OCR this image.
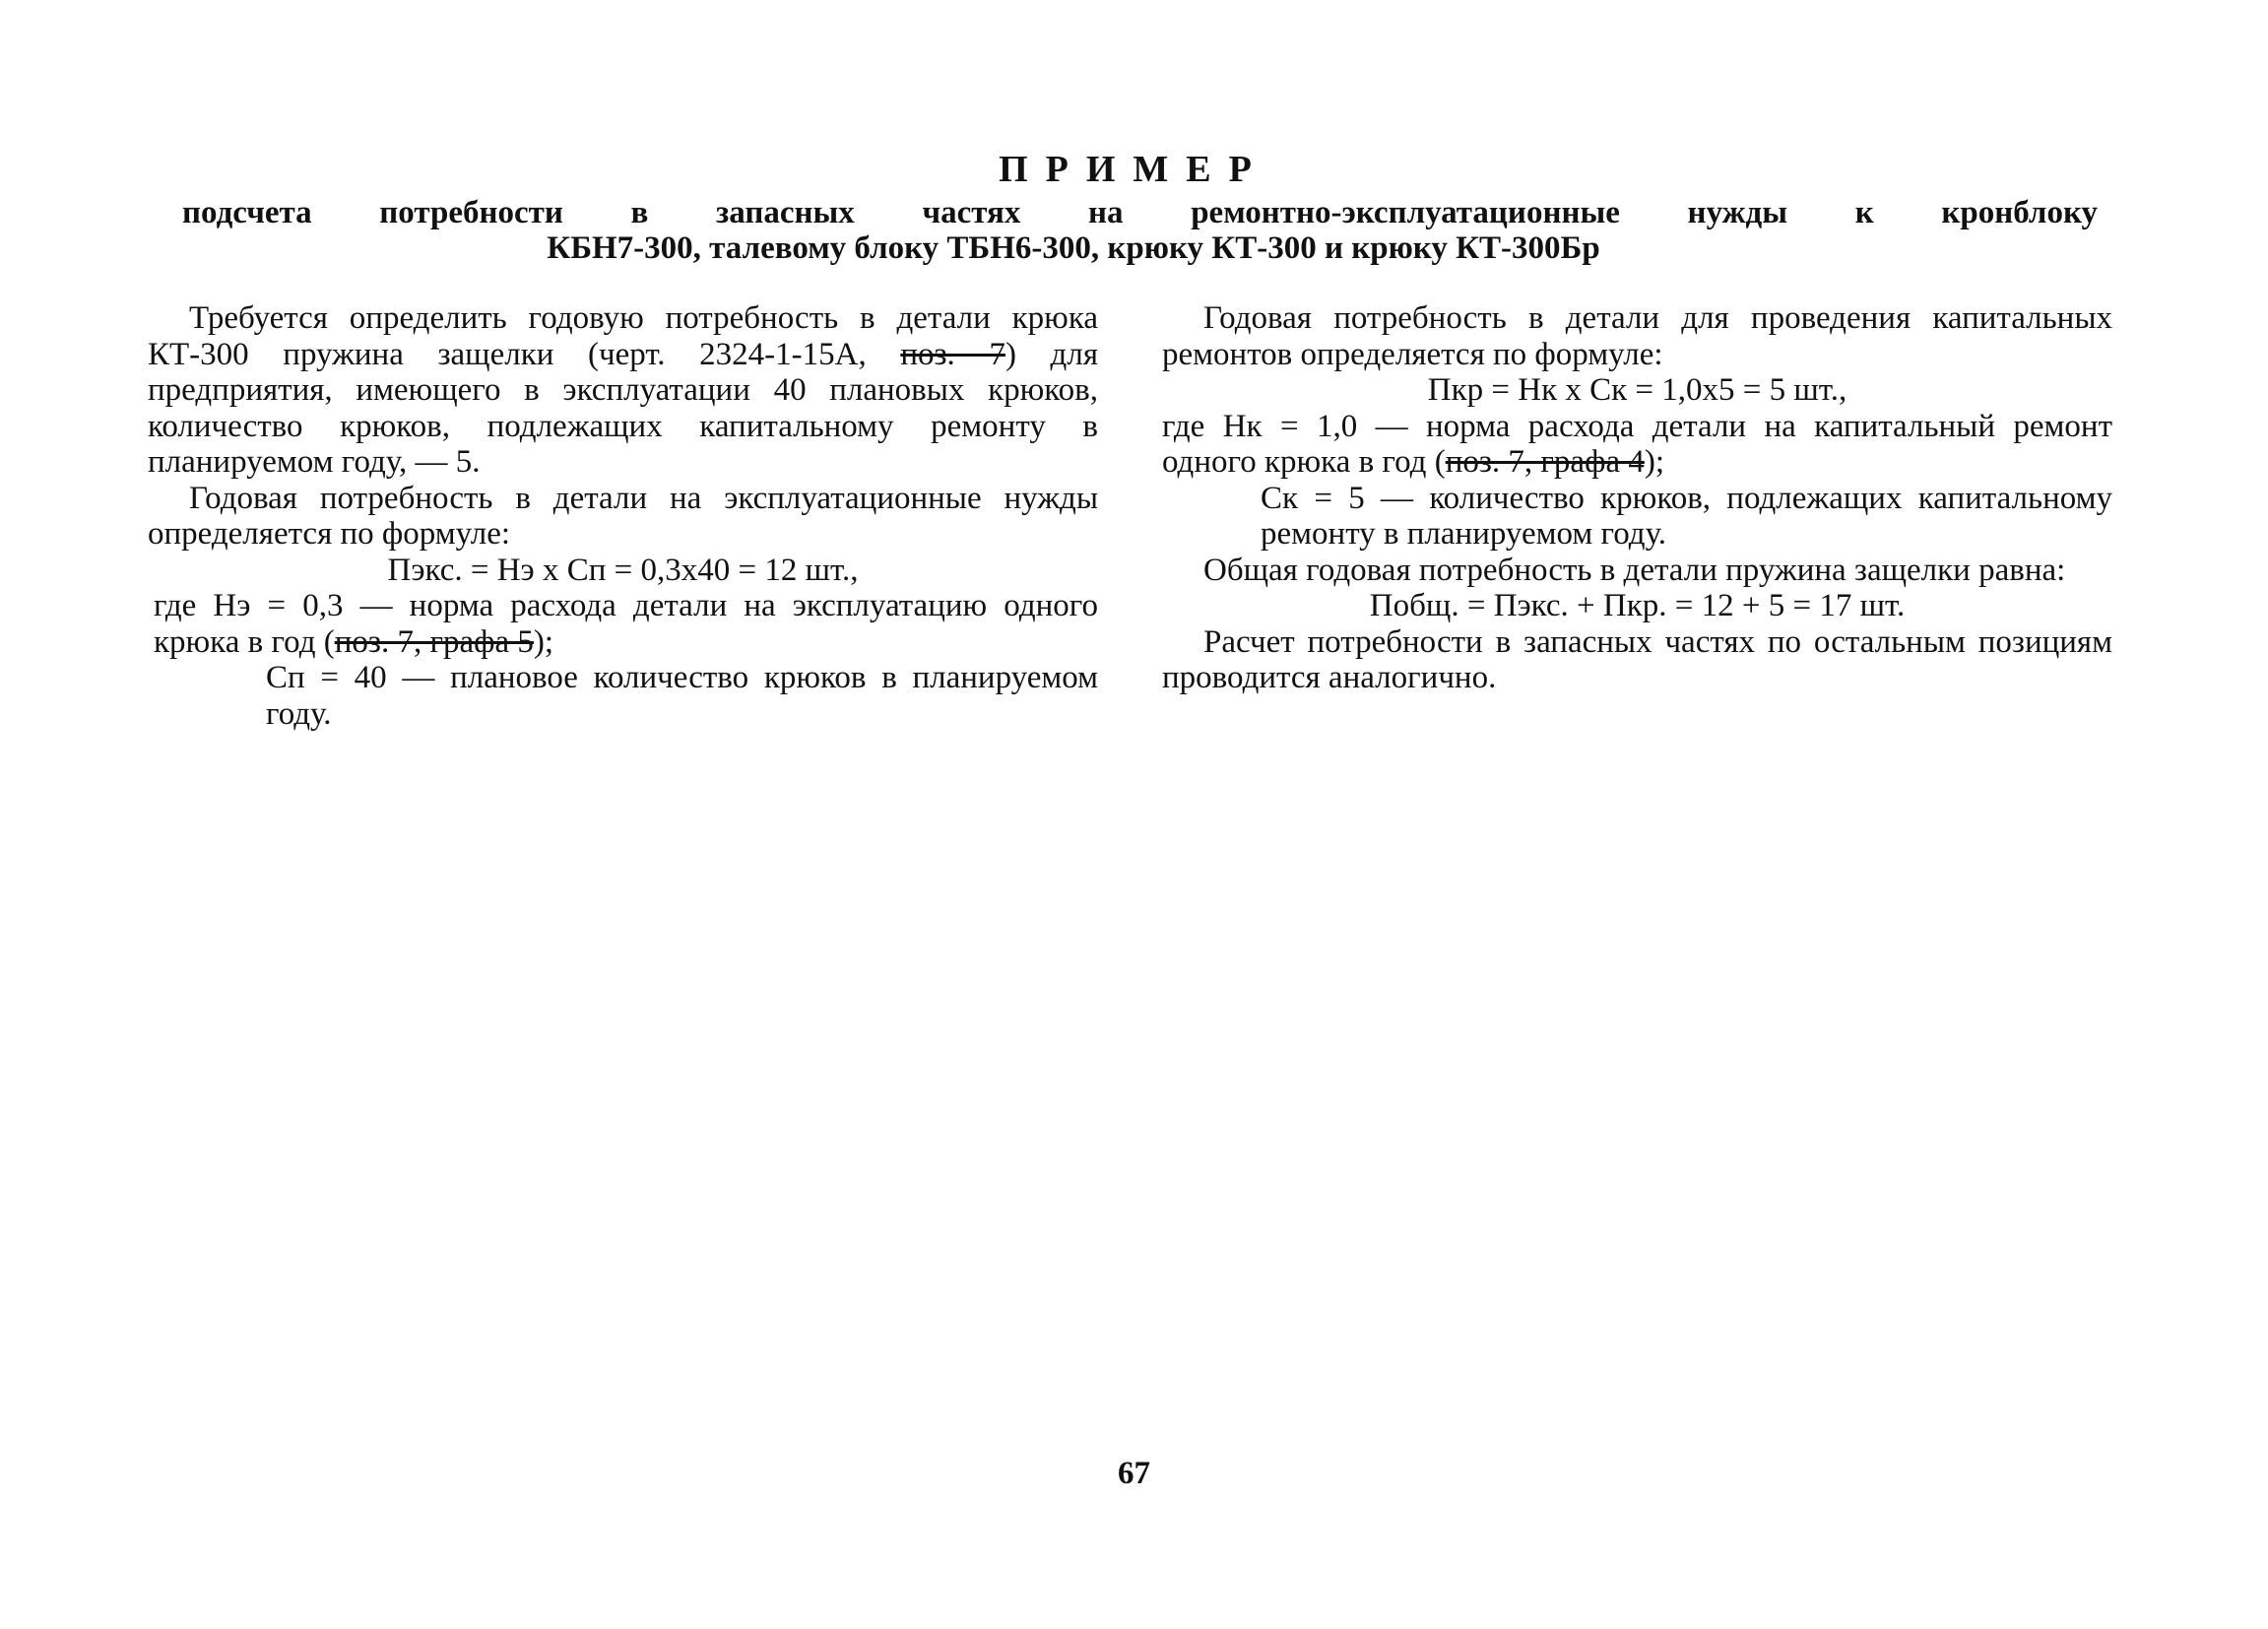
ПРИМЕР
подсчета потребности в запасных частях на ремонтно-эксплуатационные нужды к кронблоку
КБН7-300, талевому блоку ТБН6-300, крюку КТ-300 и крюку КТ-300Бр

Требуется определить годовую потребность в детали крюка КТ-300 пружина защелки (черт. 2324-1-15А, поз. 7) для предприятия, имеющего в эксплуатации 40 плановых крюков, количество крюков, подлежащих капитальному ремонту в планируемом году, — 5.

Годовая потребность в детали на эксплуатационные нужды определяется по формуле:

Пэкс. = Нэ х Сп = 0,3х40 = 12 шт.,

где Нэ = 0,3 — норма расхода детали на эксплуатацию одного крюка в год (поз. 7, графа 5);

Сп = 40 — плановое количество крюков в планируемом году.

Годовая потребность в детали для проведения капитальных ремонтов определяется по формуле:

Пкр = Нк х Ск = 1,0х5 = 5 шт.,

где Нк = 1,0 — норма расхода детали на капитальный ремонт одного крюка в год (поз. 7, графа 4);

Ск = 5 — количество крюков, подлежащих капитальному ремонту в планируемом году.

Общая годовая потребность в детали пружина защелки равна:

Побщ. = Пэкс. + Пкр. = 12 + 5 = 17 шт.

Расчет потребности в запасных частях по остальным позициям проводится аналогично.

67
